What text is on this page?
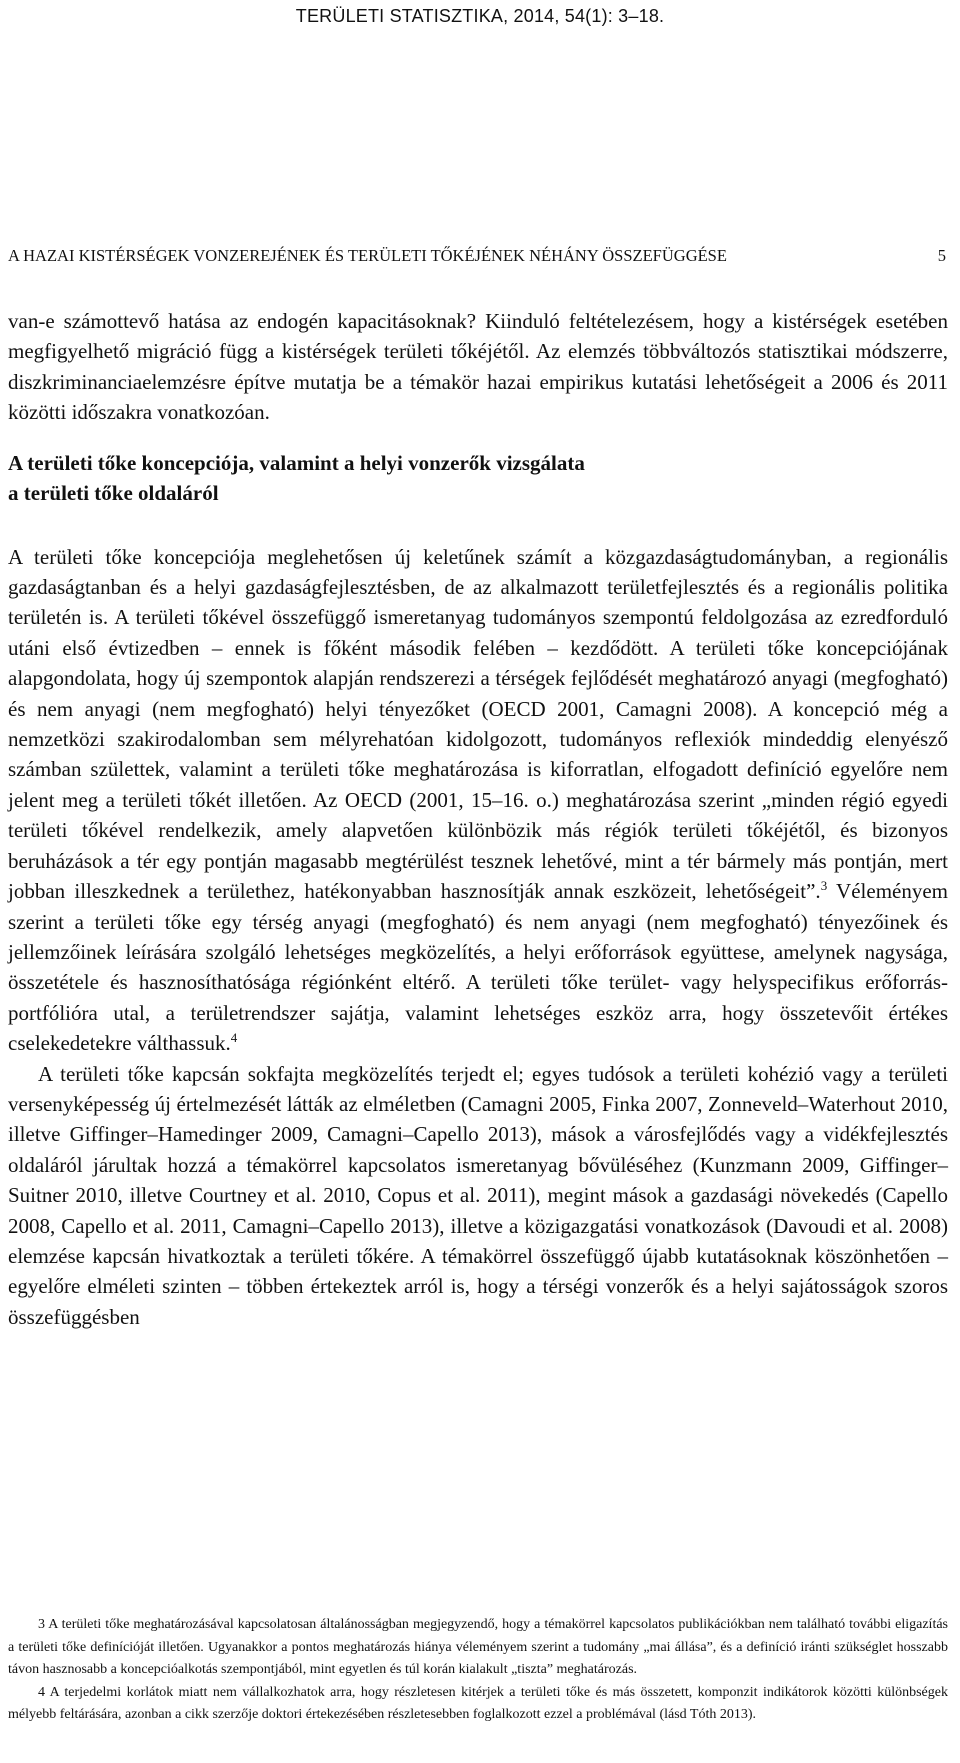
TERÜLETI STATISZTIKA, 2014, 54(1): 3–18.
A HAZAI KISTÉRSÉGEK VONZEREJÉNEK ÉS TERÜLETI TŐKÉJÉNEK NÉHÁNY ÖSSZEFÜGGÉSE	5

van-e számottevő hatása az endogén kapacitásoknak? Kiinduló feltételezésem, hogy a kistérségek esetében megfigyelhető migráció függ a kistérségek területi tőkéjétől. Az elemzés többváltozós statisztikai módszerre, diszkriminanciaelemzésre építve mutatja be a témakör hazai empirikus kutatási lehetőségeit a 2006 és 2011 közötti időszakra vonatkozóan.

A területi tőke koncepciója, valamint a helyi vonzerők vizsgálata
a területi tőke oldaláról

A területi tőke koncepciója meglehetősen új keletűnek számít a közgazdaságtudományban, a regionális gazdaságtanban és a helyi gazdaságfejlesztésben, de az alkalmazott területfejlesztés és a regionális politika területén is. A területi tőkével összefüggő ismeretanyag tudományos szempontú feldolgozása az ezredforduló utáni első évtizedben – ennek is főként második felében – kezdődött. A területi tőke koncepciójának alapgondolata, hogy új szempontok alapján rendszerezi a térségek fejlődését meghatározó anyagi (megfogható) és nem anyagi (nem megfogható) helyi tényezőket (OECD 2001, Camagni 2008). A koncepció még a nemzetközi szakirodalomban sem mélyrehatóan kidolgozott, tudományos reflexiók mindeddig elenyésző számban születtek, valamint a területi tőke meghatározása is kiforratlan, elfogadott definíció egyelőre nem jelent meg a területi tőkét illetően. Az OECD (2001, 15–16. o.) meghatározása szerint „minden régió egyedi területi tőkével rendelkezik, amely alapvetően különbözik más régiók területi tőkéjétől, és bizonyos beruházások a tér egy pontján magasabb megtérülést tesznek lehetővé, mint a tér bármely más pontján, mert jobban illeszkednek a területhez, hatékonyabban hasznosítják annak eszközeit, lehetőségeit”.$^3$ Véleményem szerint a területi tőke egy térség anyagi (megfogható) és nem anyagi (nem megfogható) tényezőinek és jellemzőinek leírására szolgáló lehetséges megközelítés, a helyi erőforrások együttese, amelynek nagysága, összetétele és hasznosíthatósága régiónként eltérő. A területi tőke terület- vagy helyspecifikus erőforrás-portfólióra utal, a területrendszer sajátja, valamint lehetséges eszköz arra, hogy összetevőit értékes cselekedetekre válthassuk.$^4$

A területi tőke kapcsán sokfajta megközelítés terjedt el; egyes tudósok a területi kohézió vagy a területi versenyképesség új értelmezését látták az elméletben (Camagni 2005, Finka 2007, Zonneveld–Waterhout 2010, illetve Giffinger–Hamedinger 2009, Camagni–Capello 2013), mások a városfejlődés vagy a vidékfejlesztés oldaláról járultak hozzá a témakörrel kapcsolatos ismeretanyag bővüléséhez (Kunzmann 2009, Giffinger–Suitner 2010, illetve Courtney et al. 2010, Copus et al. 2011), megint mások a gazdasági növekedés (Capello 2008, Capello et al. 2011, Camagni–Capello 2013), illetve a közigazgatási vonatkozások (Davoudi et al. 2008) elemzése kapcsán hivatkoztak a területi tőkére. A témakörrel összefüggő újabb kutatásoknak köszönhetően – egyelőre elméleti szinten – többen értekeztek arról is, hogy a térségi vonzerők és a helyi sajátosságok szoros összefüggésben

3 A területi tőke meghatározásával kapcsolatosan általánosságban megjegyzendő, hogy a témakörrel kapcsolatos publikációkban nem található további eligazítás a területi tőke definícióját illetően. Ugyanakkor a pontos meghatározás hiánya véleményem szerint a tudomány „mai állása”, és a definíció iránti szükséglet hosszabb távon hasznosabb a koncepcióalkotás szempontjából, mint egyetlen és túl korán kialakult „tiszta” meghatározás.

4 A terjedelmi korlátok miatt nem vállalkozhatok arra, hogy részletesen kitérjek a területi tőke és más összetett, komponzit indikátorok közötti különbségek mélyebb feltárására, azonban a cikk szerzője doktori értekezésében részletesebben foglalkozott ezzel a problémával (lásd Tóth 2013).
